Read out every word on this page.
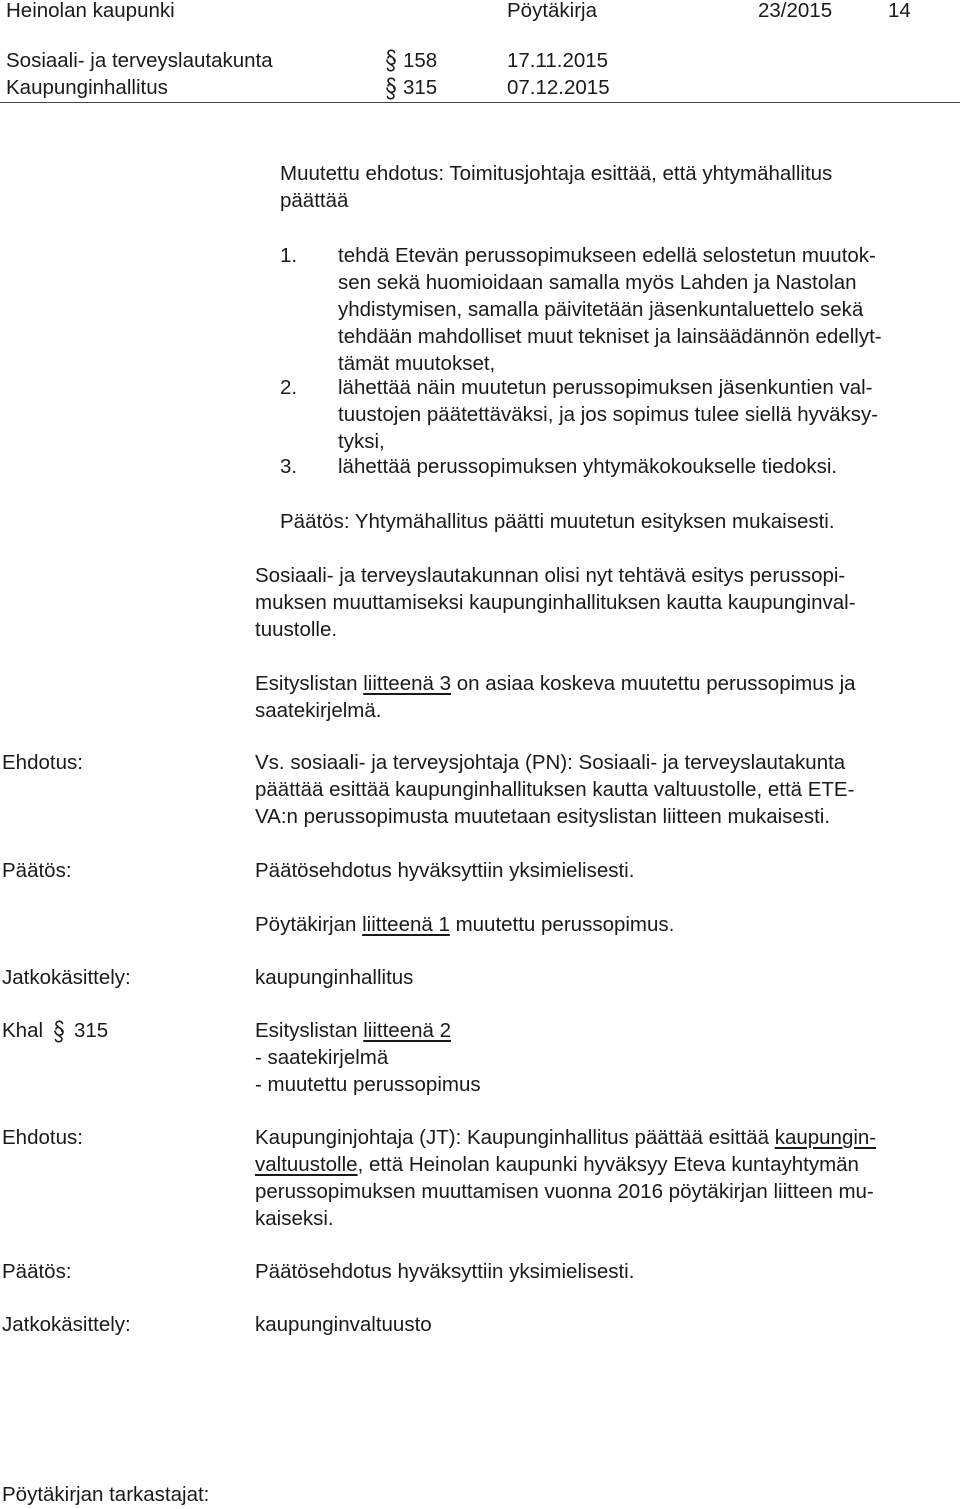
Heinolan kaupunki	Pöytäkirja	23/2015	14
Sosiaali- ja terveyslautakunta	158	17.11.2015
Kaupunginhallitus	315	07.12.2015
Muutettu ehdotus: Toimitusjohtaja esittää, että yhtymähallitus
päättää
1. tehdä Etevän perussopimukseen edellä selostetun muutok-
sen sekä huomioidaan samalla myös Lahden ja Nastolan
yhdistymisen, samalla päivitetään jäsenkuntaluettelo sekä
tehdään mahdolliset muut tekniset ja lainsäädännön edellyt-
tämät muutokset,
2. lähettää näin muutetun perussopimuksen jäsenkuntien val-
tuustojen päätettäväksi, ja jos sopimus tulee siellä hyväksy-
tyksi,
3. lähettää perussopimuksen yhtymäkokoukselle tiedoksi.
Päätös: Yhtymähallitus päätti muutetun esityksen mukaisesti.
Sosiaali- ja terveyslautakunnan olisi nyt tehtävä esitys perussopi-
muksen muuttamiseksi kaupunginhallituksen kautta kaupunginval-
tuustolle.
Esityslistan liitteenä 3 on asiaa koskeva muutettu perussopimus ja
saatekirjelmä.
Ehdotus:	Vs. sosiaali- ja terveysjohtaja (PN): Sosiaali- ja terveyslautakunta
päättää esittää kaupunginhallituksen kautta valtuustolle, että ETE-
VA:n perussopimusta muutetaan esityslistan liitteen mukaisesti.
Päätös:	Päätösehdotus hyväksyttiin yksimielisesti.
Pöytäkirjan liitteenä 1 muutettu perussopimus.
Jatkokäsittely:	kaupunginhallitus
Khal 315	Esityslistan liitteenä 2
- saatekirjelmä
- muutettu perussopimus
Ehdotus:	Kaupunginjohtaja (JT): Kaupunginhallitus päättää esittää kaupungin-
valtuustolle, että Heinolan kaupunki hyväksyy Eteva kuntayhtymän
perussopimuksen muuttamisen vuonna 2016 pöytäkirjan liitteen mu-
kaiseksi.
Päätös:	Päätösehdotus hyväksyttiin yksimielisesti.
Jatkokäsittely:	kaupunginvaltuusto
Pöytäkirjan tarkastajat:
